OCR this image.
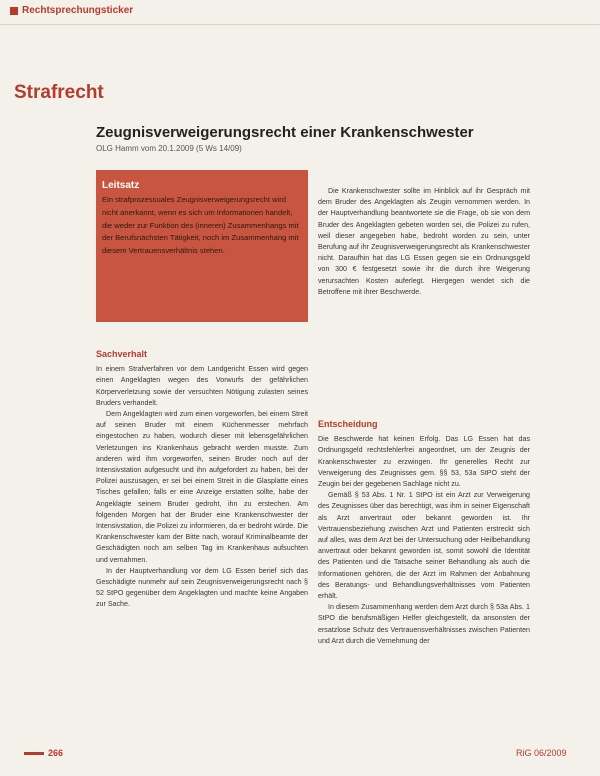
Rechtsprechungsticker
Strafrecht
Zeugnisverweigerungsrecht einer Krankenschwester
OLG Hamm vom 20.1.2009 (5 Ws 14/09)
Leitsatz

Ein strafprozessuales Zeugnisverweigerungsrecht wird nicht anerkannt, wenn es sich um Informationen handelt, die weder zur Funktion des (inneren) Zusammenhangs mit der Berufsnächsten Tätigkeit, noch im Zusammenhang mit diesem Vertrauensverhältnis stehen.

Sachverhalt

In einem Strafverfahren vor dem Landgericht Essen wird gegen einen Angeklagten wegen des Vorwurfs der gefährlichen Körperverletzung sowie der versuchten Nötigung zulasten seines Bruders verhandelt.

Dem Angeklagten wird zum einen vorgeworfen, bei einem Streit auf seinen Bruder mit einem Küchenmesser mehrfach eingestochen zu haben, wodurch dieser mit lebensgefährlichen Verletzungen ins Krankenhaus gebracht werden musste. Zum anderen wird ihm vorgeworfen, seinen Bruder noch auf der Intensivstation aufgesucht und ihn aufgefordert zu haben, bei der Polizei auszusagen, er sei bei einem Streit in die Glasplatte eines Tisches gefallen; falls er eine Anzeige erstatten sollte, habe der Angeklagte seinem Bruder gedroht, ihn zu erstechen. Am folgenden Morgen hat der Bruder eine Krankenschwester der Intensivstation, die Polizei zu informieren, da er bedroht würde. Die Krankenschwester kam der Bitte nach, worauf Kriminalbeamte der Geschädigten noch am selben Tag im Krankenhaus aufsuchten und vernahmen.

In der Hauptverhandlung vor dem LG Essen berief sich das Geschädigte nunmehr auf sein Zeugnisverweigerungsrecht nach § 52 StPO gegenüber dem Angeklagten und machte keine Angaben zur Sache.

Die Krankenschwester sollte im Hinblick auf ihr Gespräch mit dem Bruder des Angeklagten als Zeugin vernommen werden. In der Hauptverhandlung beantwortete sie die Frage, ob sie von dem Bruder des Angeklagten gebeten worden sei, die Polizei zu rufen, weil dieser angegeben habe, bedroht worden zu sein, unter Berufung auf ihr Zeugnisverweigerungsrecht als Krankenschwester nicht. Daraufhin hat das LG Essen gegen sie ein Ordnungsgeld von 300 € festgesetzt sowie ihr die durch ihre Weigerung verursachten Kosten auferlegt. Hiergegen wendet sich die Betroffene mit ihrer Beschwerde.

Entscheidung

Die Beschwerde hat keinen Erfolg. Das LG Essen hat das Ordnungsgeld rechtsfehlerfrei angeordnet, um der Zeugnis der Krankenschwester zu erzwingen. Ihr generelles Recht zur Verweigerung des Zeugnisses gem. §§ 53, 53a StPO steht der Zeugin bei der gegebenen Sachlage nicht zu.

Gemäß § 53 Abs. 1 Nr. 1 StPO ist ein Arzt zur Verweigerung des Zeugnisses über das berechtigt, was ihm in seiner Eigenschaft als Arzt anvertraut oder bekannt geworden ist. Ihr Vertrauensbeziehung zwischen Arzt und Patienten erstreckt sich auf alles, was dem Arzt bei der Untersuchung oder Heilbehandlung anvertraut oder bekannt geworden ist, somit sowohl die Identität des Patienten und die Tatsache seiner Behandlung als auch die Informationen gehören, die der Arzt im Rahmen der Anbahnung des Beratungs- und Behandlungsverhältnisses vom Patienten erhält.

In diesem Zusammenhang werden dem Arzt durch § 53a Abs. 1 StPO die berufsmäßigen Helfer gleichgestellt, da ansonsten der ersatzlose Schutz des Vertrauensverhältnisses zwischen Patienten und Arzt durch die Vernehmung der

266	RiG 06/2009
